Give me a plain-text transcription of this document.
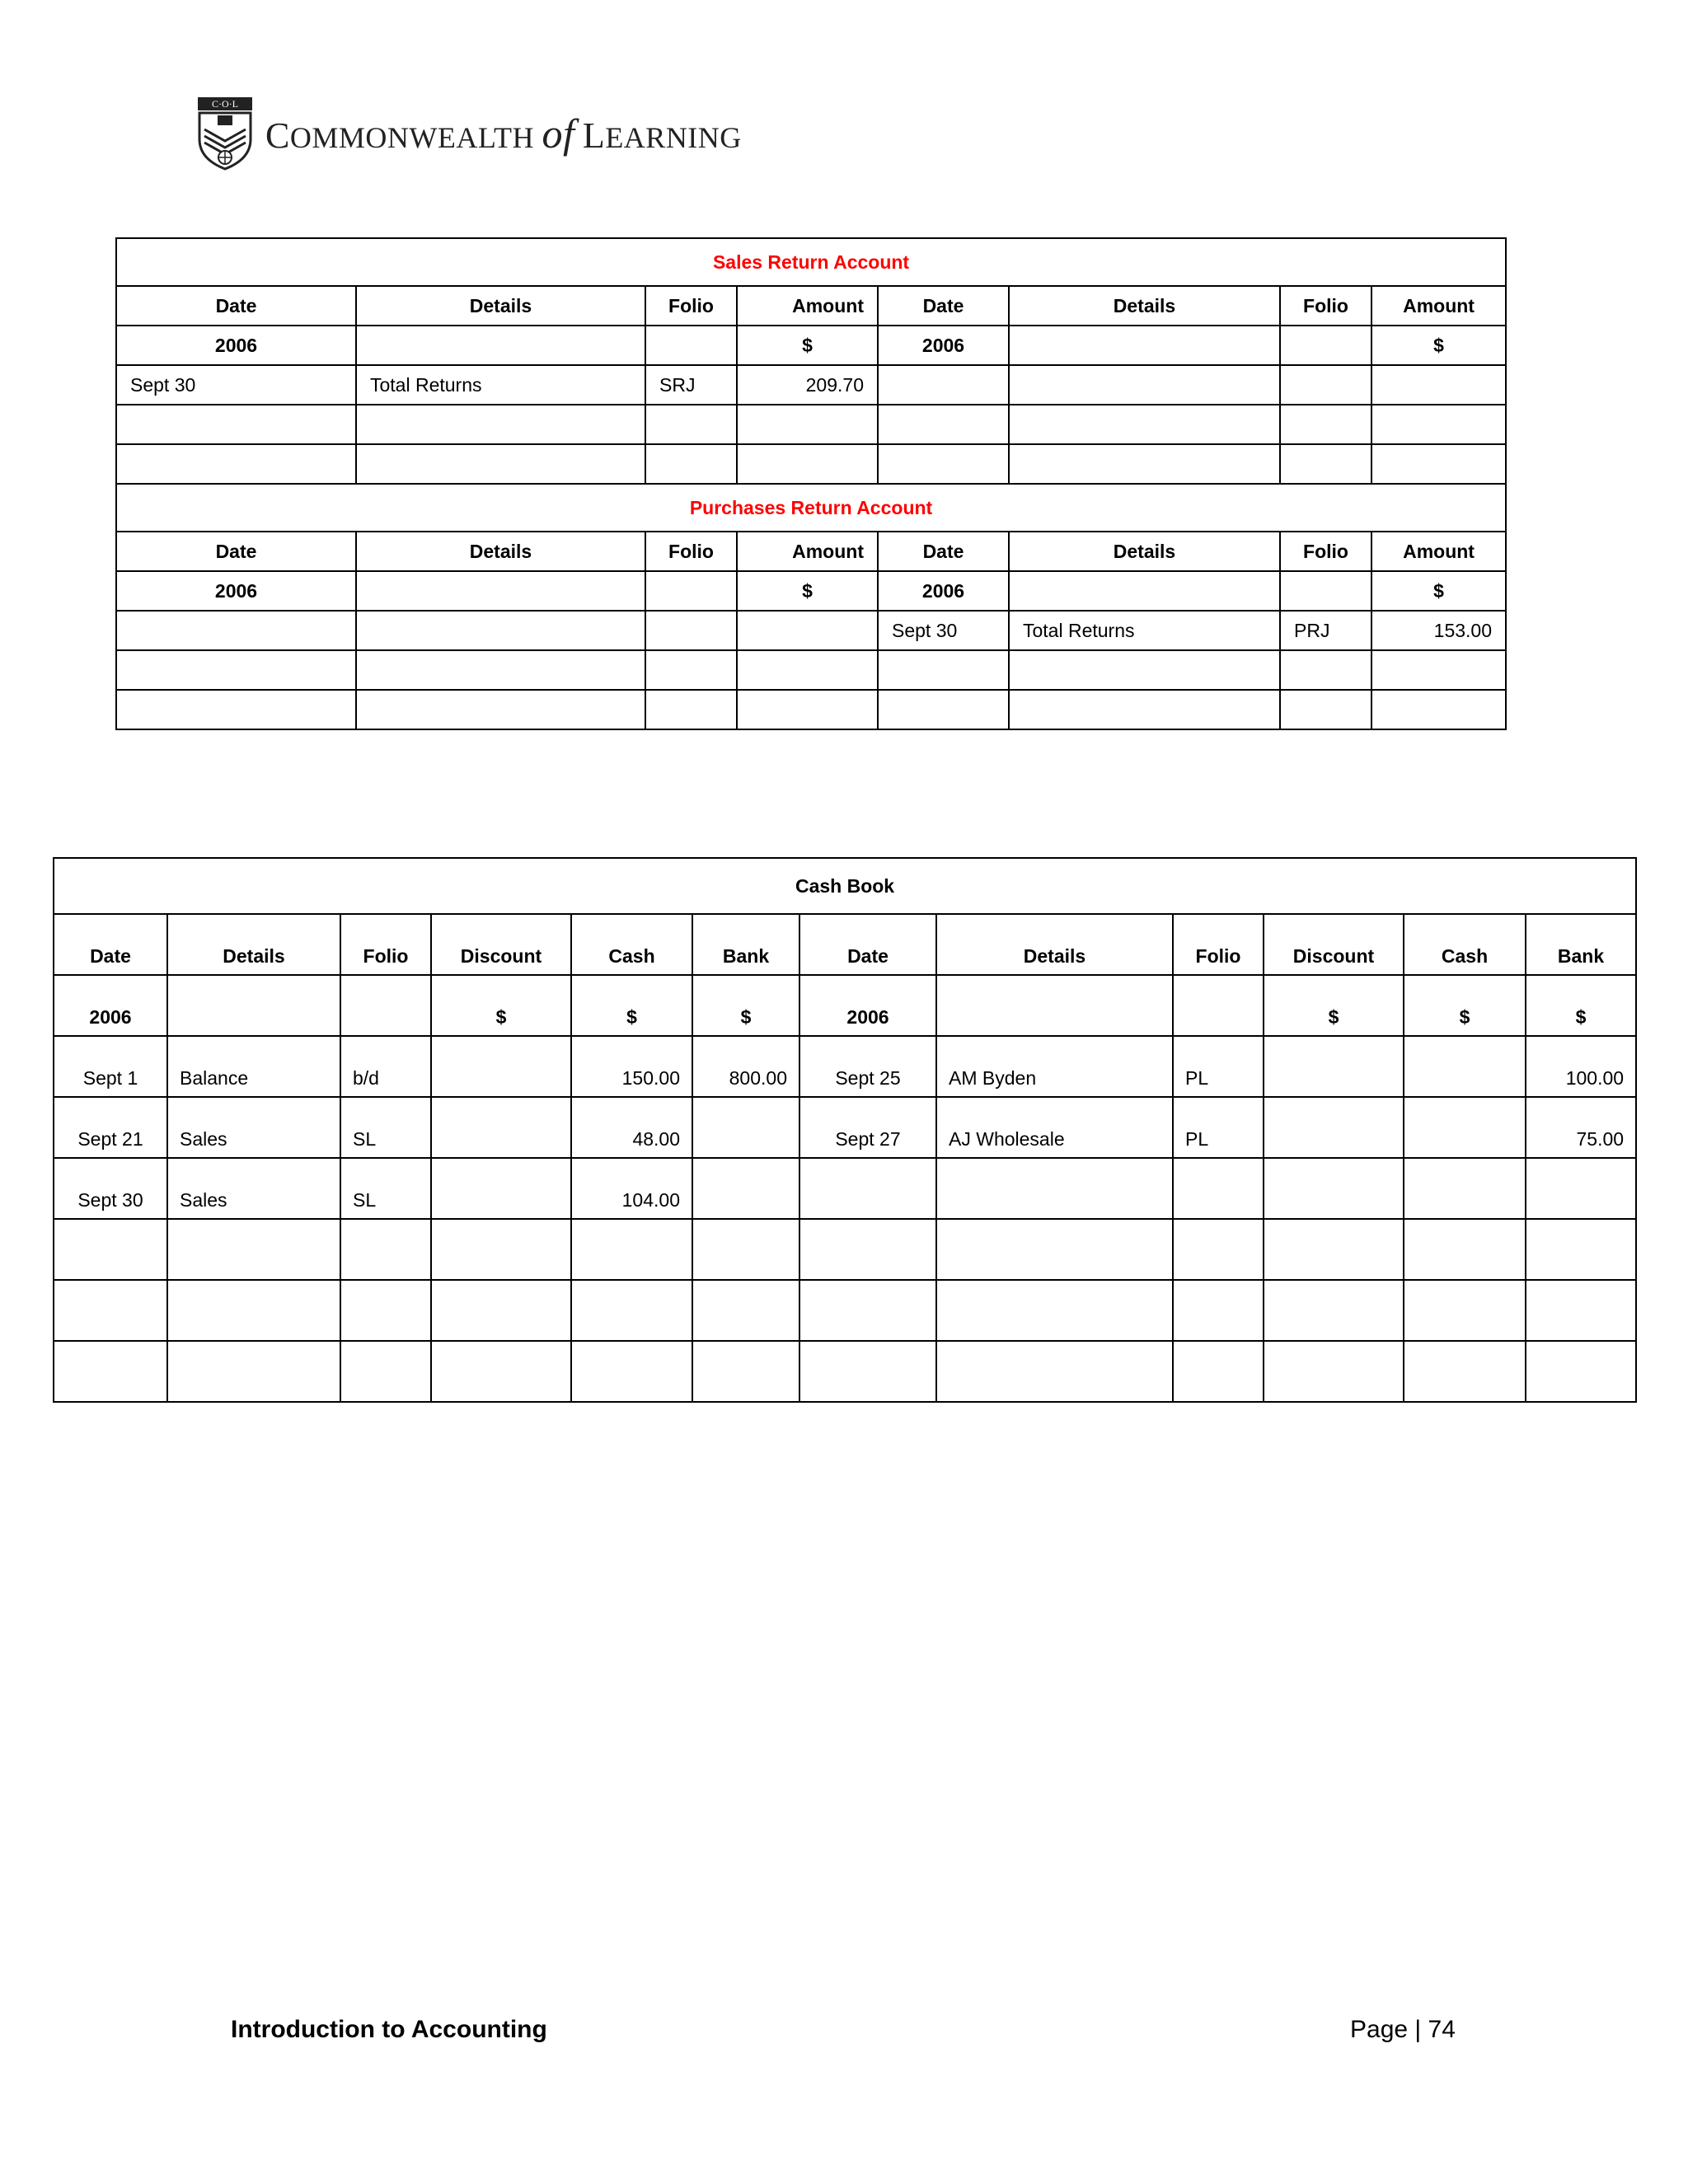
C·O·L
COMMONWEALTH of LEARNING
Sales Return Account							
Date	Details	Folio	Amount	Date	Details	Folio	Amount
2006			$	2006			$
Sept 30	Total Returns	SRJ	209.70				

Purchases Return Account							
Date	Details	Folio	Amount	Date	Details	Folio	Amount
2006			$	2006			$
				Sept 30	Total Returns	PRJ	153.00

Cash Book											
Date	Details	Folio	Discount	Cash	Bank	Date	Details	Folio	Discount	Cash	Bank
2006			$	$	$	2006			$	$	$
Sept 1	Balance	b/d		150.00	800.00	Sept 25	AM Byden	PL			100.00
Sept 21	Sales	SL		48.00		Sept 27	AJ Wholesale	PL			75.00
Sept 30	Sales	SL		104.00							

Introduction to Accounting	Page | 74
